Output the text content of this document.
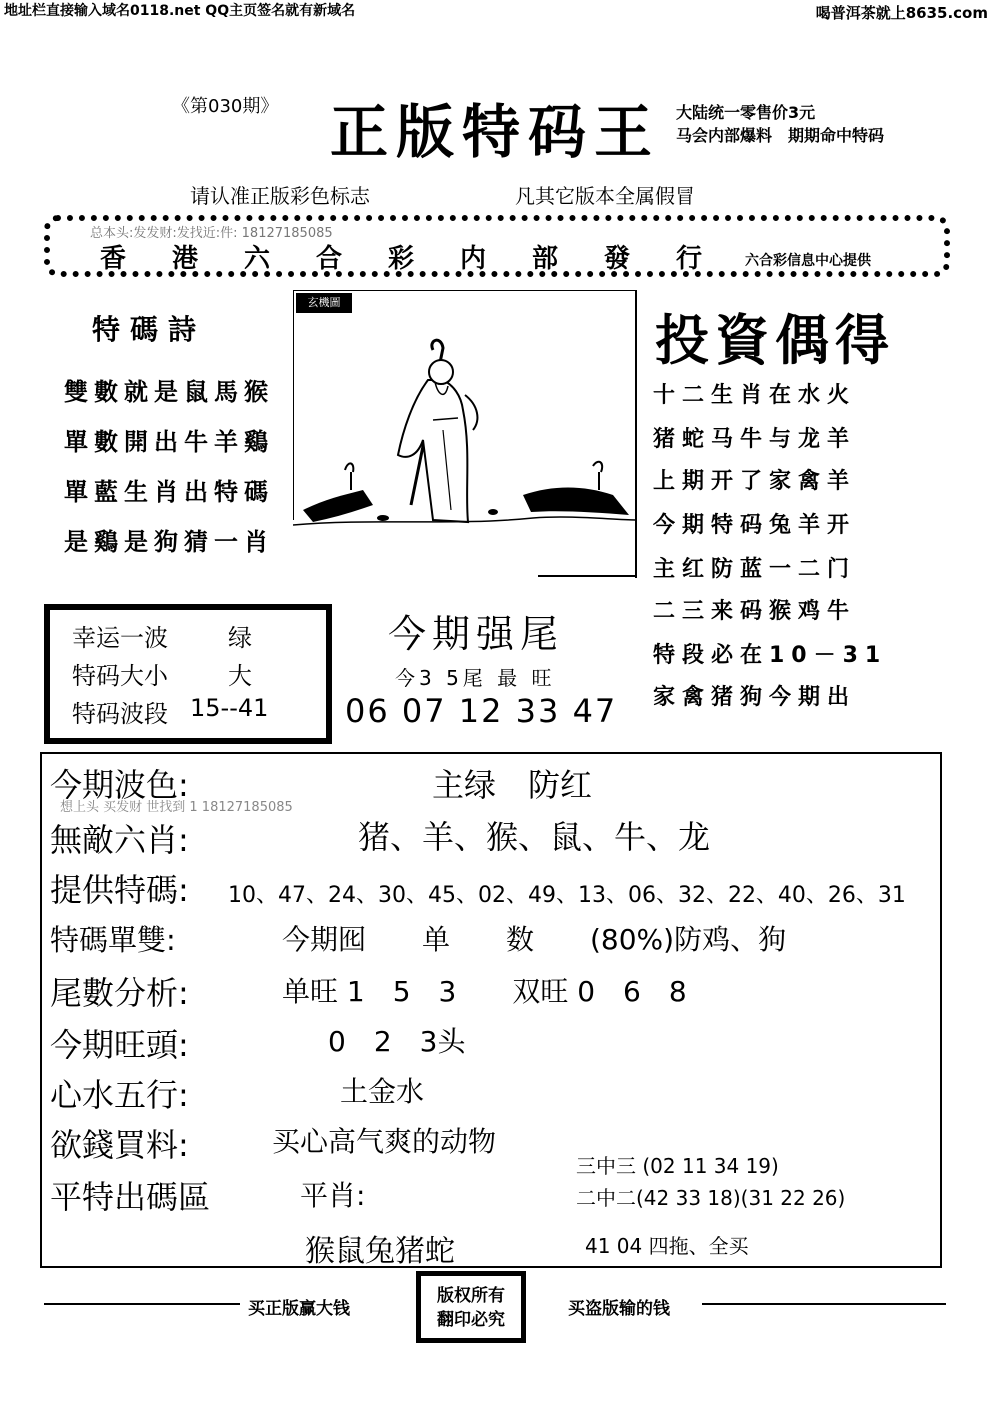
地址栏直接输入域名0118.net QQ主页签名就有新域名	喝普洱茶就上8635.com
《第030期》 正版特码王 大陆统一零售价3元
马会内部爆料　期期命中特码
请认准正版彩色标志	凡其它版本全属假冒
总本头:发发财:发找近:件: 18127185085
香港六合彩内部發行
六合彩信息中心提供
特碼詩
雙數就是鼠馬猴
單數開出牛羊鷄
單藍生肖出特碼
是鷄是狗猜一肖
玄機圖
投資偶得
十二生肖在水火
猪蛇马牛与龙羊
上期开了家禽羊
今期特码兔羊开
主红防蓝一二门
二三来码猴鸡牛
特段必在10－31
家禽猪狗今期出
幸运一波	绿
特码大小	大
特码波段 15--41
今期强尾
今3 5尾 最 旺
06 07 12 33 47
想上头 买发财 世找到 1 18127185085
今期波色:	主绿　防红
無敵六肖:	猪、羊、猴、鼠、牛、龙
提供特碼: 10、47、24、30、45、02、49、13、06、32、22、40、26、31
特碼單雙:	今期囮　　单　　数　　(80%)防鸡、狗
尾數分析:	单旺 1　5　3　　双旺 0　6　8
今期旺頭:	0　2　3头
心水五行:	土金水
欲錢買料:	买心高气爽的动物
平特出碼區	平肖:
三中三 (02 11 34 19)
二中二(42 33 18)(31 22 26)
猴鼠兔猪蛇	41 04 四拖、全买
买正版赢大钱
版权所有
翻印必究
买盗版输的钱
